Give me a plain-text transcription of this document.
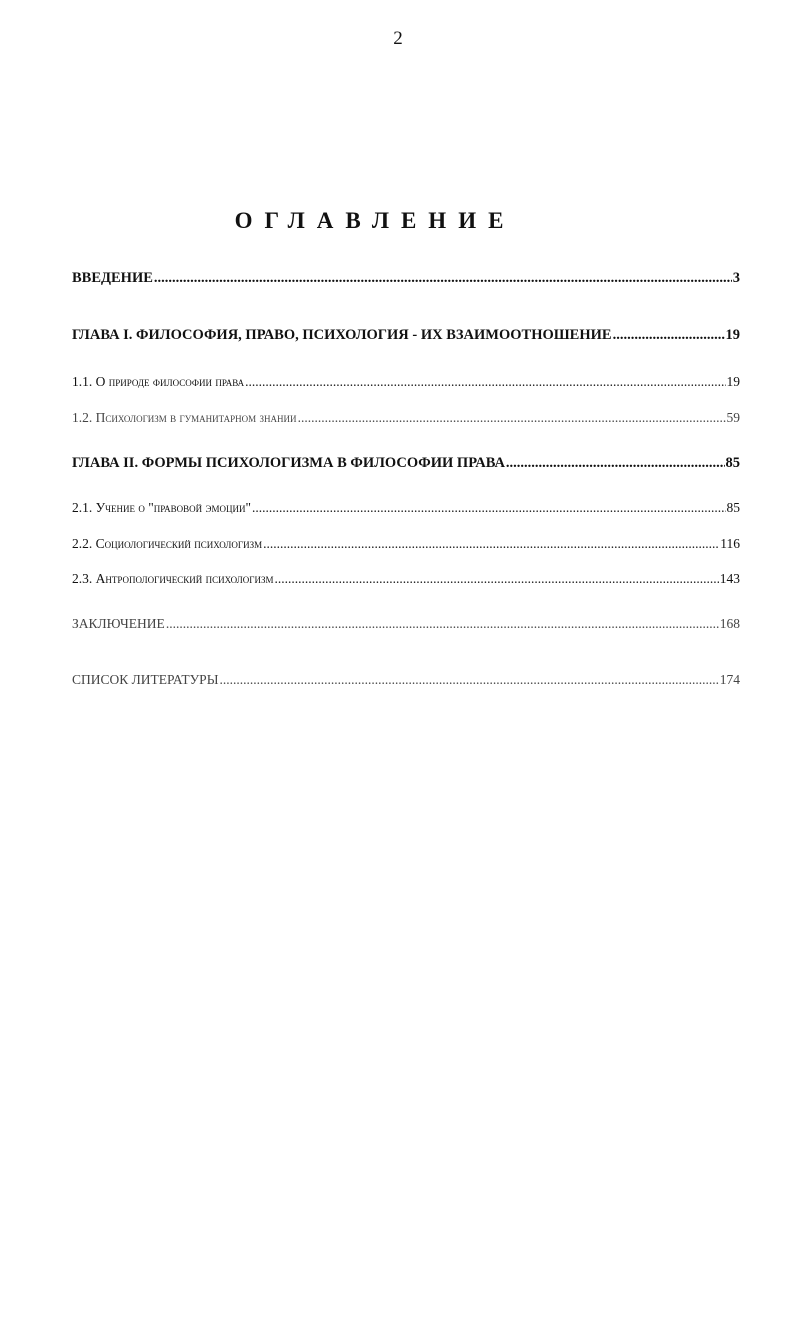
2
ОГЛАВЛЕНИЕ
ВВЕДЕНИЕ .....	3
ГЛАВА I. ФИЛОСОФИЯ, ПРАВО, ПСИХОЛОГИЯ - ИХ ВЗАИМООТНОШЕНИЕ .....	19
1.1. О природе философии права .....	19
1.2. Психологизм в гуманитарном знании .....	59
ГЛАВА II. ФОРМЫ ПСИХОЛОГИЗМА В ФИЛОСОФИИ ПРАВА .....	85
2.1. Учение о "правовой эмоции" .....	85
2.2. Социологический психологизм .....	116
2.3. Антропологический психологизм .....	143
ЗАКЛЮЧЕНИЕ .....	168
СПИСОК ЛИТЕРАТУРЫ .....	174
